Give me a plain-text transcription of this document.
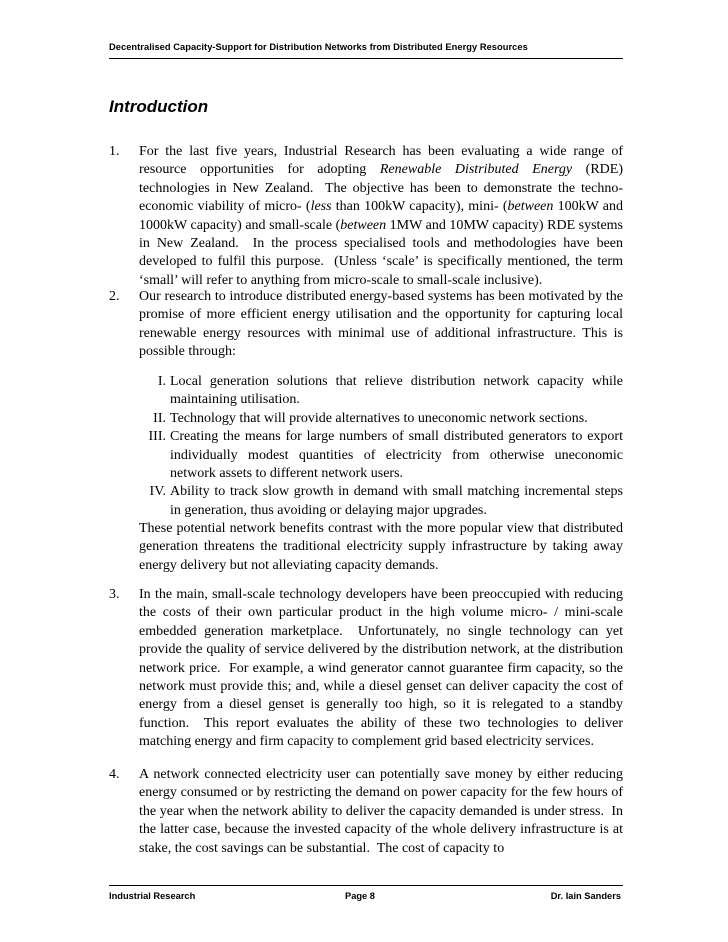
Decentralised Capacity-Support for Distribution Networks from Distributed Energy Resources
Introduction
1. For the last five years, Industrial Research has been evaluating a wide range of resource opportunities for adopting Renewable Distributed Energy (RDE) technologies in New Zealand.  The objective has been to demonstrate the techno-economic viability of micro- (less than 100kW capacity), mini- (between 100kW and 1000kW capacity) and small-scale (between 1MW and 10MW capacity) RDE systems in New Zealand.  In the process specialised tools and methodologies have been developed to fulfil this purpose.  (Unless ‘scale’ is specifically mentioned, the term ‘small’ will refer to anything from micro-scale to small-scale inclusive).
2. Our research to introduce distributed energy-based systems has been motivated by the promise of more efficient energy utilisation and the opportunity for capturing local renewable energy resources with minimal use of additional infrastructure. This is possible through:
I. Local generation solutions that relieve distribution network capacity while maintaining utilisation.
II. Technology that will provide alternatives to uneconomic network sections.
III. Creating the means for large numbers of small distributed generators to export individually modest quantities of electricity from otherwise uneconomic network assets to different network users.
IV. Ability to track slow growth in demand with small matching incremental steps in generation, thus avoiding or delaying major upgrades.
These potential network benefits contrast with the more popular view that distributed generation threatens the traditional electricity supply infrastructure by taking away energy delivery but not alleviating capacity demands.
3. In the main, small-scale technology developers have been preoccupied with reducing the costs of their own particular product in the high volume micro- / mini-scale embedded generation marketplace.  Unfortunately, no single technology can yet provide the quality of service delivered by the distribution network, at the distribution network price.  For example, a wind generator cannot guarantee firm capacity, so the network must provide this; and, while a diesel genset can deliver capacity the cost of energy from a diesel genset is generally too high, so it is relegated to a standby function.  This report evaluates the ability of these two technologies to deliver matching energy and firm capacity to complement grid based electricity services.
4. A network connected electricity user can potentially save money by either reducing energy consumed or by restricting the demand on power capacity for the few hours of the year when the network ability to deliver the capacity demanded is under stress.  In the latter case, because the invested capacity of the whole delivery infrastructure is at stake, the cost savings can be substantial.  The cost of capacity to
Industrial Research	Page 8	Dr. Iain Sanders
